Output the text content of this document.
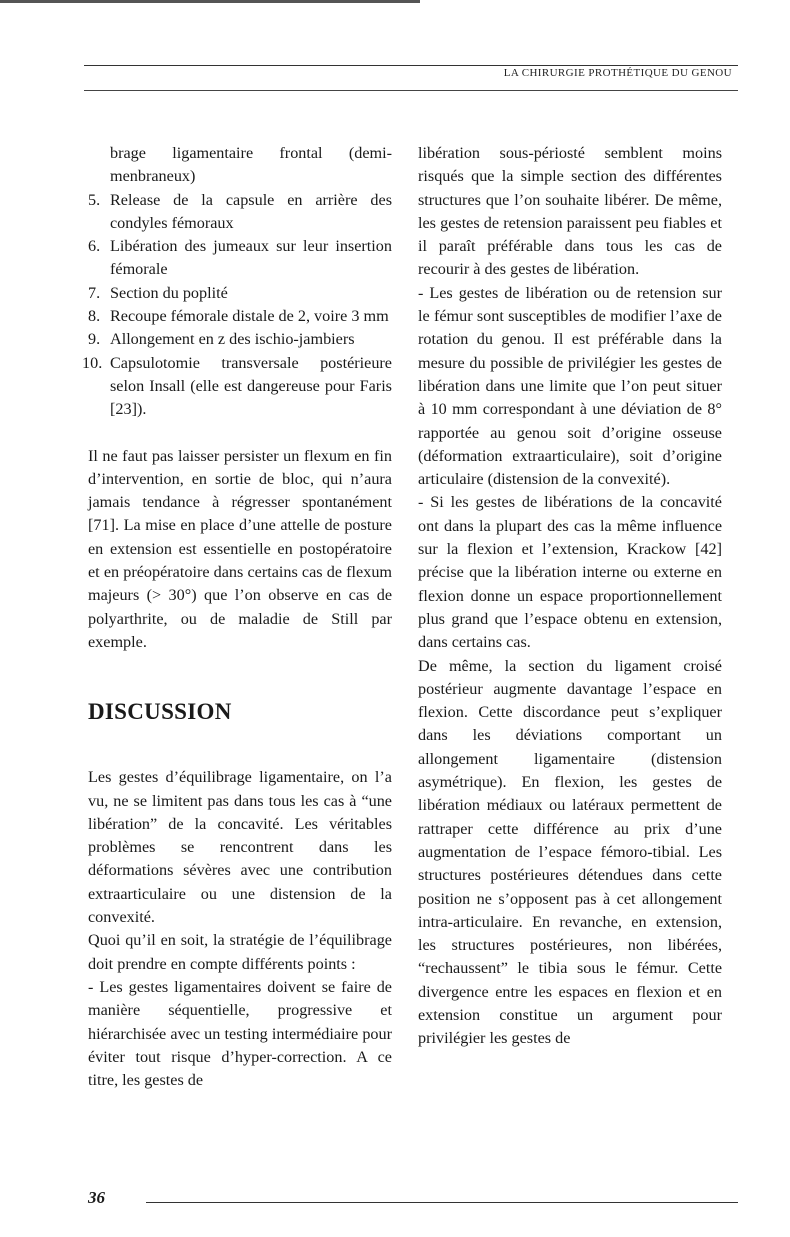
LA CHIRURGIE PROTHÉTIQUE DU GENOU
brage ligamentaire frontal (demi-menbraneux)
5. Release de la capsule en arrière des condyles fémoraux
6. Libération des jumeaux sur leur insertion fémorale
7. Section du poplité
8. Recoupe fémorale distale de 2, voire 3 mm
9. Allongement en z des ischio-jambiers
10. Capsulotomie transversale postérieure selon Insall (elle est dangereuse pour Faris [23]).

Il ne faut pas laisser persister un flexum en fin d’intervention, en sortie de bloc, qui n’aura jamais tendance à régresser spontanément [71]. La mise en place d’une attelle de posture en extension est essentielle en postopératoire et en préopératoire dans certains cas de flexum majeurs (> 30°) que l’on observe en cas de polyarthrite, ou de maladie de Still par exemple.

DISCUSSION

Les gestes d’équilibrage ligamentaire, on l’a vu, ne se limitent pas dans tous les cas à “une libération” de la concavité. Les véritables problèmes se rencontrent dans les déformations sévères avec une contribution extraarticulaire ou une distension de la convexité.

Quoi qu’il en soit, la stratégie de l’équilibrage doit prendre en compte différents points :

- Les gestes ligamentaires doivent se faire de manière séquentielle, progressive et hiérarchisée avec un testing intermédiaire pour éviter tout risque d’hyper-correction. A ce titre, les gestes de

libération sous-périosté semblent moins risqués que la simple section des différentes structures que l’on souhaite libérer. De même, les gestes de retension paraissent peu fiables et il paraît préférable dans tous les cas de recourir à des gestes de libération.

- Les gestes de libération ou de retension sur le fémur sont susceptibles de modifier l’axe de rotation du genou. Il est préférable dans la mesure du possible de privilégier les gestes de libération dans une limite que l’on peut situer à 10 mm correspondant à une déviation de 8° rapportée au genou soit d’origine osseuse (déformation extraarticulaire), soit d’origine articulaire (distension de la convexité).

- Si les gestes de libérations de la concavité ont dans la plupart des cas la même influence sur la flexion et l’extension, Krackow [42] précise que la libération interne ou externe en flexion donne un espace proportionnellement plus grand que l’espace obtenu en extension, dans certains cas.

De même, la section du ligament croisé postérieur augmente davantage l’espace en flexion. Cette discordance peut s’expliquer dans les déviations comportant un allongement ligamentaire (distension asymétrique). En flexion, les gestes de libération médiaux ou latéraux permettent de rattraper cette différence au prix d’une augmentation de l’espace fémoro-tibial. Les structures postérieures détendues dans cette position ne s’opposent pas à cet allongement intra-articulaire. En revanche, en extension, les structures postérieures, non libérées, “rechaussent” le tibia sous le fémur. Cette divergence entre les espaces en flexion et en extension constitue un argument pour privilégier les gestes de

36
